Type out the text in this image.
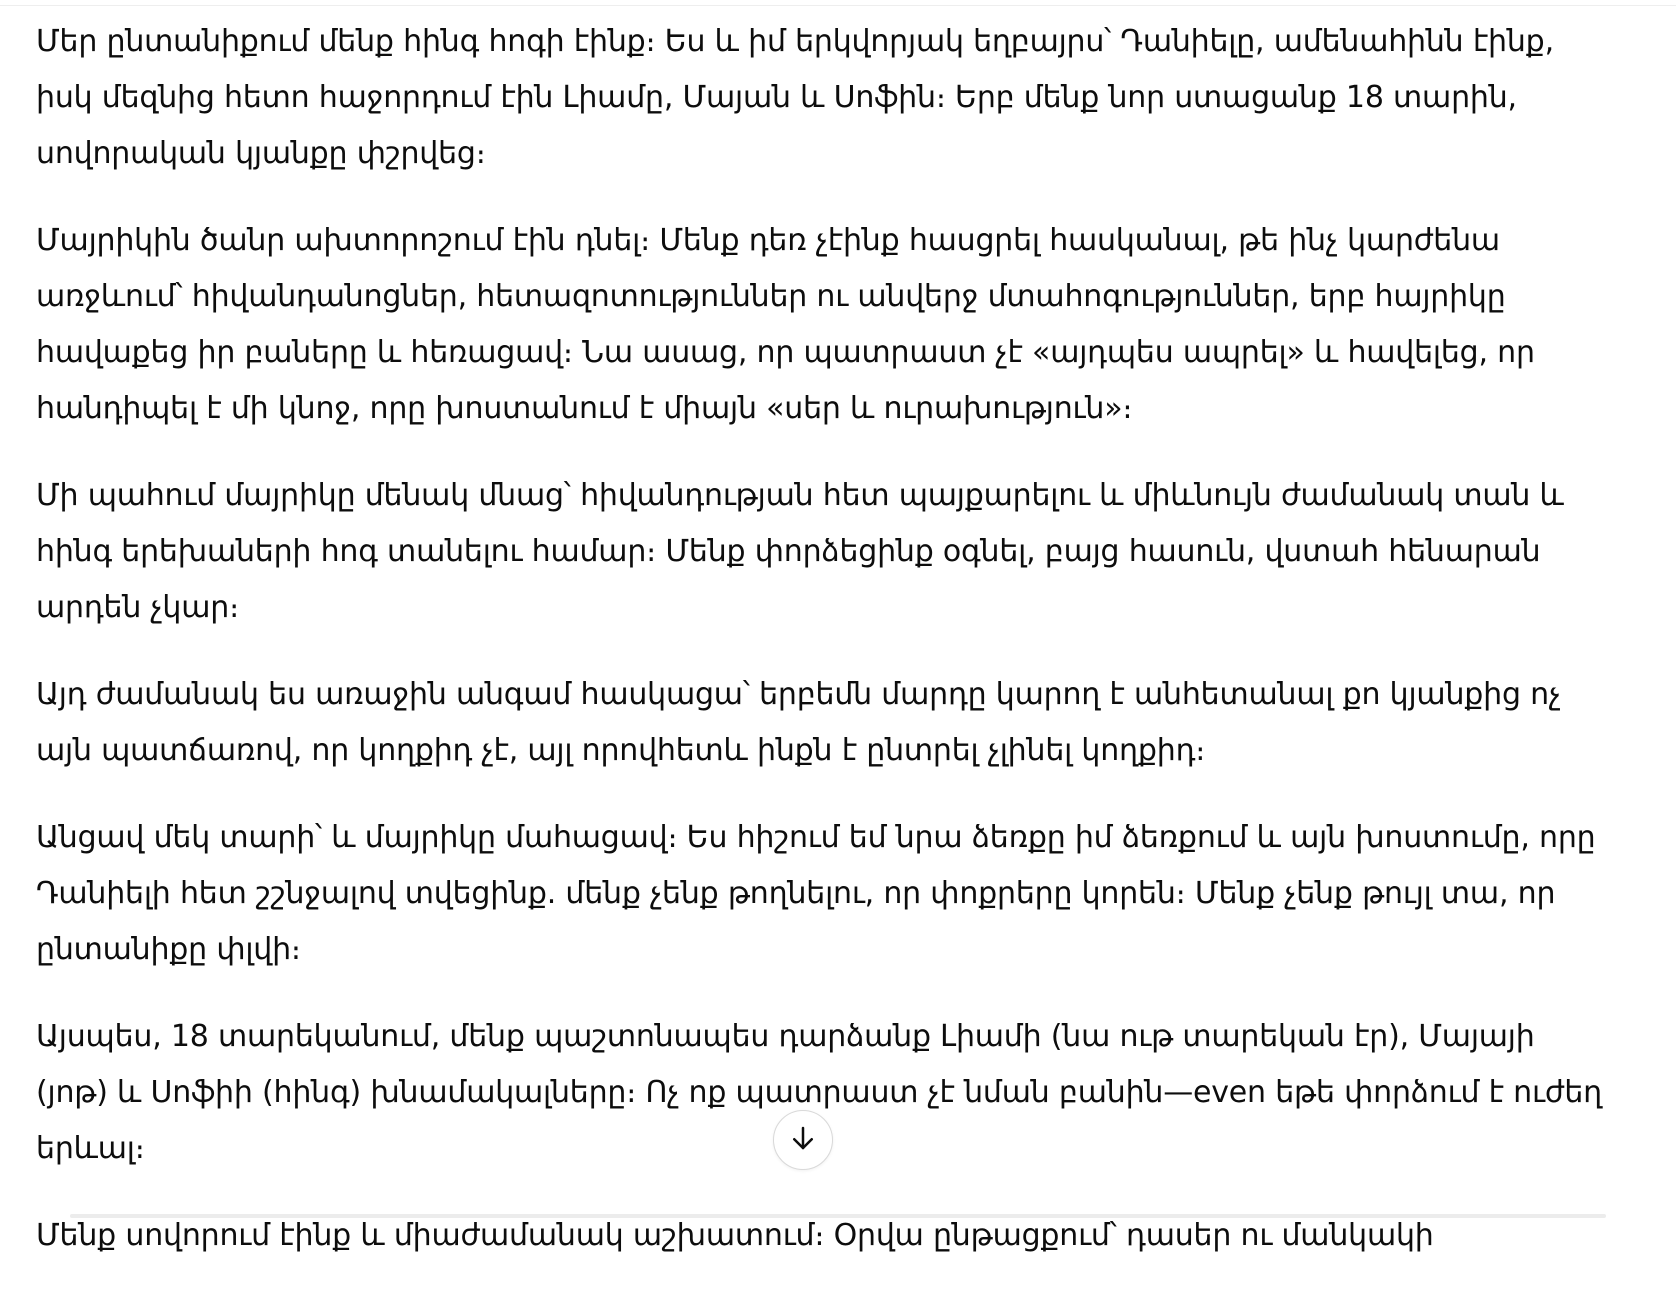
Մեր ընտանիքում մենք հինգ հոգի էինք։ Ես և իմ երկվորյակ եղբայրս՝ Դանիելը, ամենահինն էինք, իսկ մեզնից հետո հաջորդում էին Լիամը, Մայան և Սոֆին։ Երբ մենք նոր ստացանք 18 տարին, սովորական կյանքը փշրվեց։

Մայրիկին ծանր ախտորոշում էին դնել։ Մենք դեռ չէինք հասցրել հասկանալ, թե ինչ կարժենա առջևում՝ հիվանդանոցներ, հետազոտություններ ու անվերջ մտահոգություններ, երբ հայրիկը հավաքեց իր բաները և հեռացավ։ Նա ասաց, որ պատրաստ չէ «այդպես ապրել» և հավելեց, որ հանդիպել է մի կնոջ, որը խոստանում է միայն «սեր և ուրախություն»։

Մի պահում մայրիկը մենակ մնաց՝ հիվանդության հետ պայքարելու և միևնույն ժամանակ տան և հինգ երեխաների հոգ տանելու համար։ Մենք փորձեցինք օգնել, բայց հասուն, վստահ հենարան արդեն չկար։

Այդ ժամանակ ես առաջին անգամ հասկացա՝ երբեմն մարդը կարող է անհետանալ քո կյանքից ոչ այն պատճառով, որ կողքիդ չէ, այլ որովհետև ինքն է ընտրել չլինել կողքիդ։

Անցավ մեկ տարի՝ և մայրիկը մահացավ։ Ես հիշում եմ նրա ձեռքը իմ ձեռքում և այն խոստումը, որը Դանիելի հետ շշնջալով տվեցինք. մենք չենք թողնելու, որ փոքրերը կորեն։ Մենք չենք թույլ տա, որ ընտանիքը փլվի։

Այսպես, 18 տարեկանում, մենք պաշտոնապես դարձանք Լիամի (նա ութ տարեկան էր), Մայայի (յոթ) և Սոֆիի (հինգ) խնամակալները։ Ոչ ոք պատրաստ չէ նման բանին—even եթե փորձում է ուժեղ երևալ։

Մենք սովորում էինք և միաժամանակ աշխատում։ Օրվա ընթացքում՝ դասեր ու մանկակի
